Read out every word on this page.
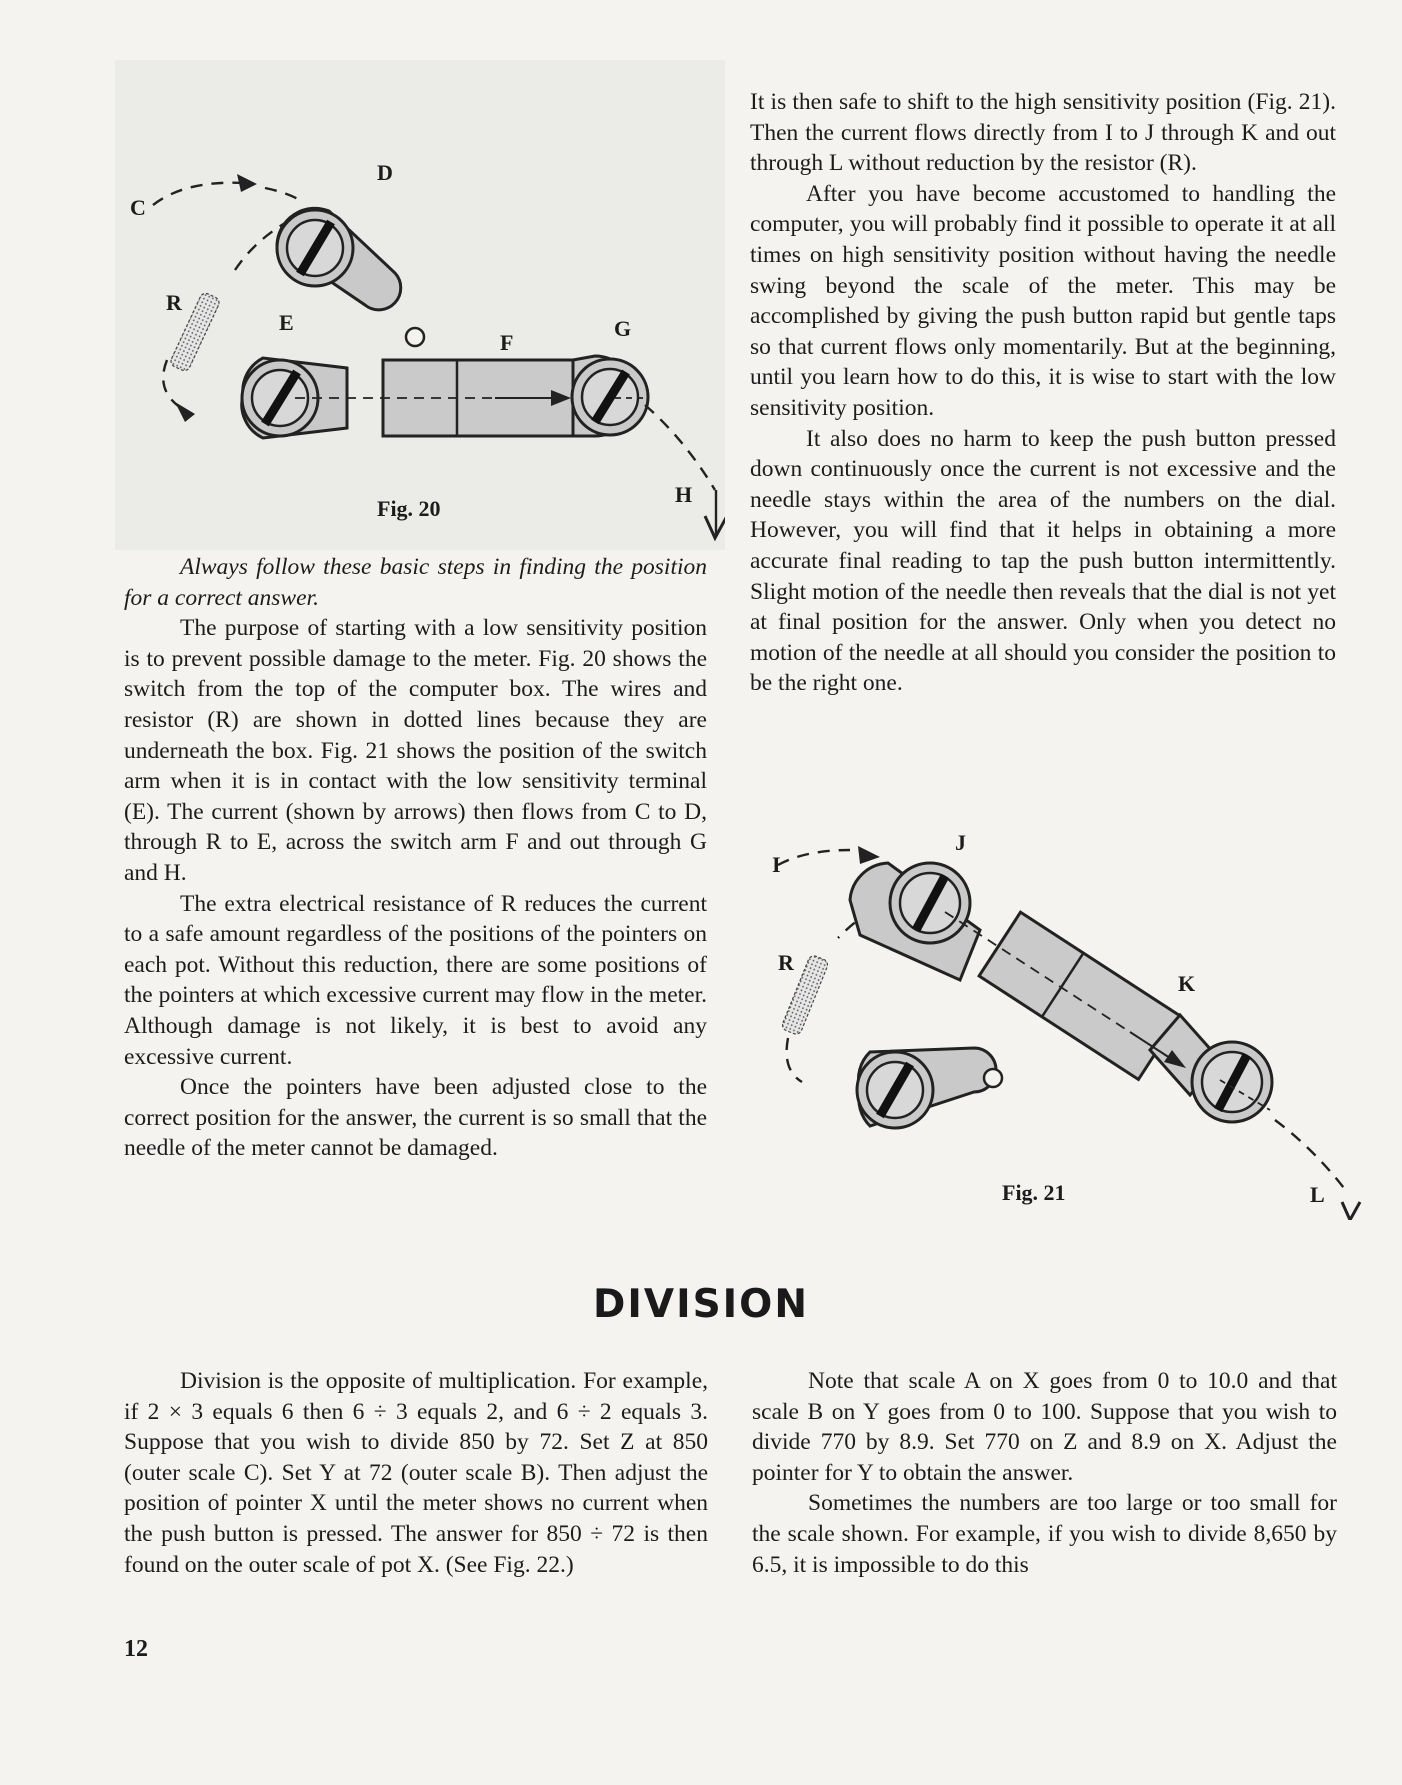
C
D
R
E
F
G
H
Fig. 20

Always follow these basic steps in finding the position for a correct answer.

The purpose of starting with a low sensitivity position is to prevent possible damage to the meter. Fig. 20 shows the switch from the top of the computer box. The wires and resistor (R) are shown in dotted lines because they are underneath the box. Fig. 21 shows the position of the switch arm when it is in contact with the low sensitivity terminal (E). The current (shown by arrows) then flows from C to D, through R to E, across the switch arm F and out through G and H.

The extra electrical resistance of R reduces the current to a safe amount regardless of the positions of the pointers on each pot. Without this reduction, there are some positions of the pointers at which excessive current may flow in the meter. Although damage is not likely, it is best to avoid any excessive current.

Once the pointers have been adjusted close to the correct position for the answer, the current is so small that the needle of the meter cannot be damaged.

It is then safe to shift to the high sensitivity position (Fig. 21). Then the current flows directly from I to J through K and out through L without reduction by the resistor (R).

After you have become accustomed to handling the computer, you will probably find it possible to operate it at all times on high sensitivity position without having the needle swing beyond the scale of the meter. This may be accomplished by giving the push button rapid but gentle taps so that current flows only momentarily. But at the beginning, until you learn how to do this, it is wise to start with the low sensitivity position.

It also does no harm to keep the push button pressed down continuously once the current is not excessive and the needle stays within the area of the numbers on the dial. However, you will find that it helps in obtaining a more accurate final reading to tap the push button intermittently. Slight motion of the needle then reveals that the dial is not yet at final position for the answer. Only when you detect no motion of the needle at all should you consider the position to be the right one.

I
J
R
K
L
Fig. 21
DIVISION

Division is the opposite of multiplication. For example, if 2 × 3 equals 6 then 6 ÷ 3 equals 2, and 6 ÷ 2 equals 3. Suppose that you wish to divide 850 by 72. Set Z at 850 (outer scale C). Set Y at 72 (outer scale B). Then adjust the position of pointer X until the meter shows no current when the push button is pressed. The answer for 850 ÷ 72 is then found on the outer scale of pot X. (See Fig. 22.)

Note that scale A on X goes from 0 to 10.0 and that scale B on Y goes from 0 to 100. Suppose that you wish to divide 770 by 8.9. Set 770 on Z and 8.9 on X. Adjust the pointer for Y to obtain the answer.

Sometimes the numbers are too large or too small for the scale shown. For example, if you wish to divide 8,650 by 6.5, it is impossible to do this

12
